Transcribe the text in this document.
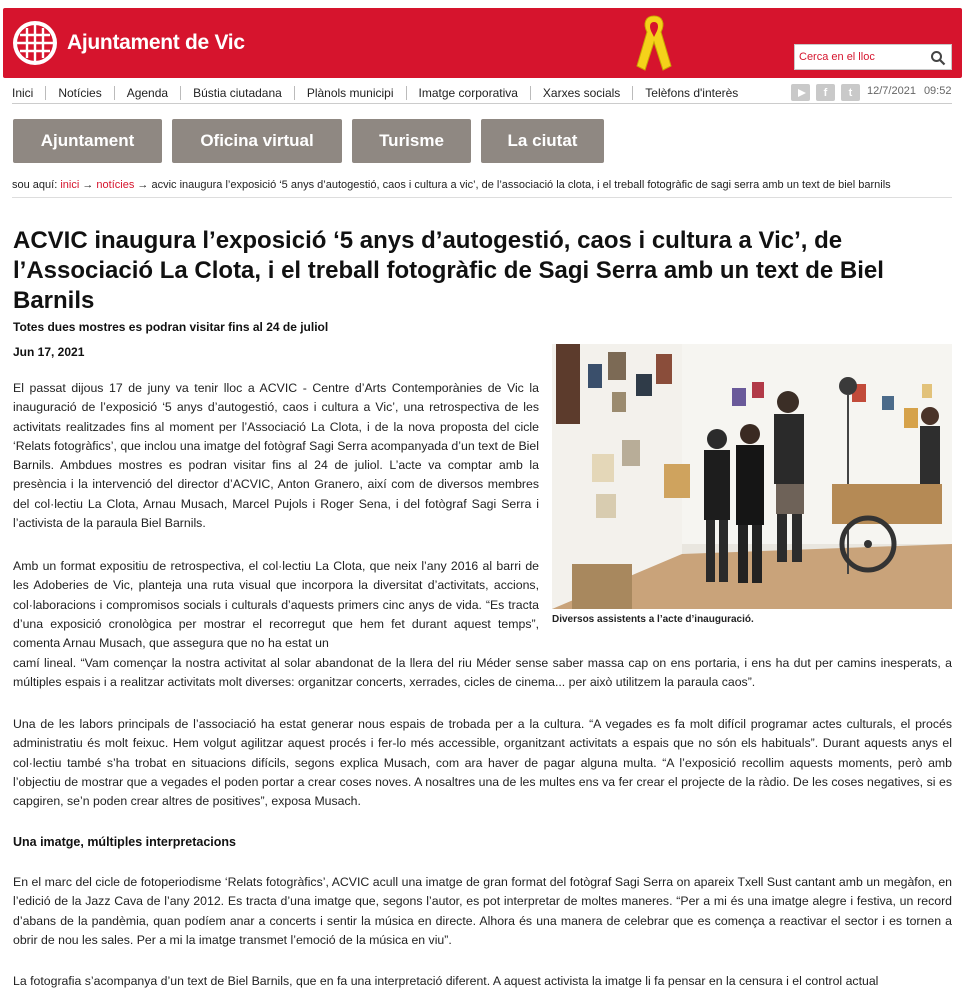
Ajuntament de Vic
Cerca en el lloc
Inici Notícies Agenda Bústia ciutadana Plànols municipi Imatge corporativa Xarxes socials Telèfons d'interès	f	t	12/7/2021 09:52
Ajuntament	Oficina virtual	Turisme	La ciutat
sou aquí: inici → notícies → acvic inaugura l’exposició ‘5 anys d’autogestió, caos i cultura a vic’, de l’associació la clota, i el treball fotogràfic de sagi serra amb un text de biel barnils
ACVIC inaugura l’exposició ‘5 anys d’autogestió, caos i cultura a Vic’, de l’Associació La Clota, i el treball fotogràfic de Sagi Serra amb un text de Biel Barnils
Totes dues mostres es podran visitar fins al 24 de juliol
Jun 17, 2021
Diversos assistents a l’acte d’inauguració.

El passat dijous 17 de juny va tenir lloc a ACVIC - Centre d’Arts Contemporànies de Vic la inauguració de l’exposició ‘5 anys d’autogestió, caos i cultura a Vic’, una retrospectiva de les activitats realitzades fins al moment per l’Associació La Clota, i de la nova proposta del cicle ‘Relats fotogràfics’, que inclou una imatge del fotògraf Sagi Serra acompanyada d’un text de Biel Barnils. Ambdues mostres es podran visitar fins al 24 de juliol. L’acte va comptar amb la presència i la intervenció del director d’ACVIC, Anton Granero, així com de diversos membres del col·lectiu La Clota, Arnau Musach, Marcel Pujols i Roger Sena, i del fotògraf Sagi Serra i l’activista de la paraula Biel Barnils.

Amb un format expositiu de retrospectiva, el col·lectiu La Clota, que neix l’any 2016 al barri de les Adoberies de Vic, planteja una ruta visual que incorpora la diversitat d’activitats, accions, col·laboracions i compromisos socials i culturals d’aquests primers cinc anys de vida. “Es tracta d’una exposició cronològica per mostrar el recorregut que hem fet durant aquest temps”, comenta Arnau Musach, que assegura que no ha estat un

camí lineal. “Vam començar la nostra activitat al solar abandonat de la llera del riu Méder sense saber massa cap on ens portaria, i ens ha dut per camins inesperats, a múltiples espais i a realitzar activitats molt diverses: organitzar concerts, xerrades, cicles de cinema... per això utilitzem la paraula caos”.

Una de les labors principals de l’associació ha estat generar nous espais de trobada per a la cultura. “A vegades es fa molt difícil programar actes culturals, el procés administratiu és molt feixuc. Hem volgut agilitzar aquest procés i fer-lo més accessible, organitzant activitats a espais que no són els habituals”. Durant aquests anys el col·lectiu també s’ha trobat en situacions difícils, segons explica Musach, com ara haver de pagar alguna multa. “A l’exposició recollim aquests moments, però amb l’objectiu de mostrar que a vegades el poden portar a crear coses noves. A nosaltres una de les multes ens va fer crear el projecte de la ràdio. De les coses negatives, si es capgiren, se’n poden crear altres de positives”, exposa Musach.

Una imatge, múltiples interpretacions

En el marc del cicle de fotoperiodisme ‘Relats fotogràfics’, ACVIC acull una imatge de gran format del fotògraf Sagi Serra on apareix Txell Sust cantant amb un megàfon, en l’edició de la Jazz Cava de l’any 2012. Es tracta d’una imatge que, segons l’autor, es pot interpretar de moltes maneres. “Per a mi és una imatge alegre i festiva, un record d’abans de la pandèmia, quan podíem anar a concerts i sentir la música en directe. Alhora és una manera de celebrar que es comença a reactivar el sector i es tornen a obrir de nou les sales. Per a mi la imatge transmet l’emoció de la música en viu”.

La fotografia s’acompanya d’un text de Biel Barnils, que en fa una interpretació diferent. A aquest activista la imatge li fa pensar en la censura i el control actual
